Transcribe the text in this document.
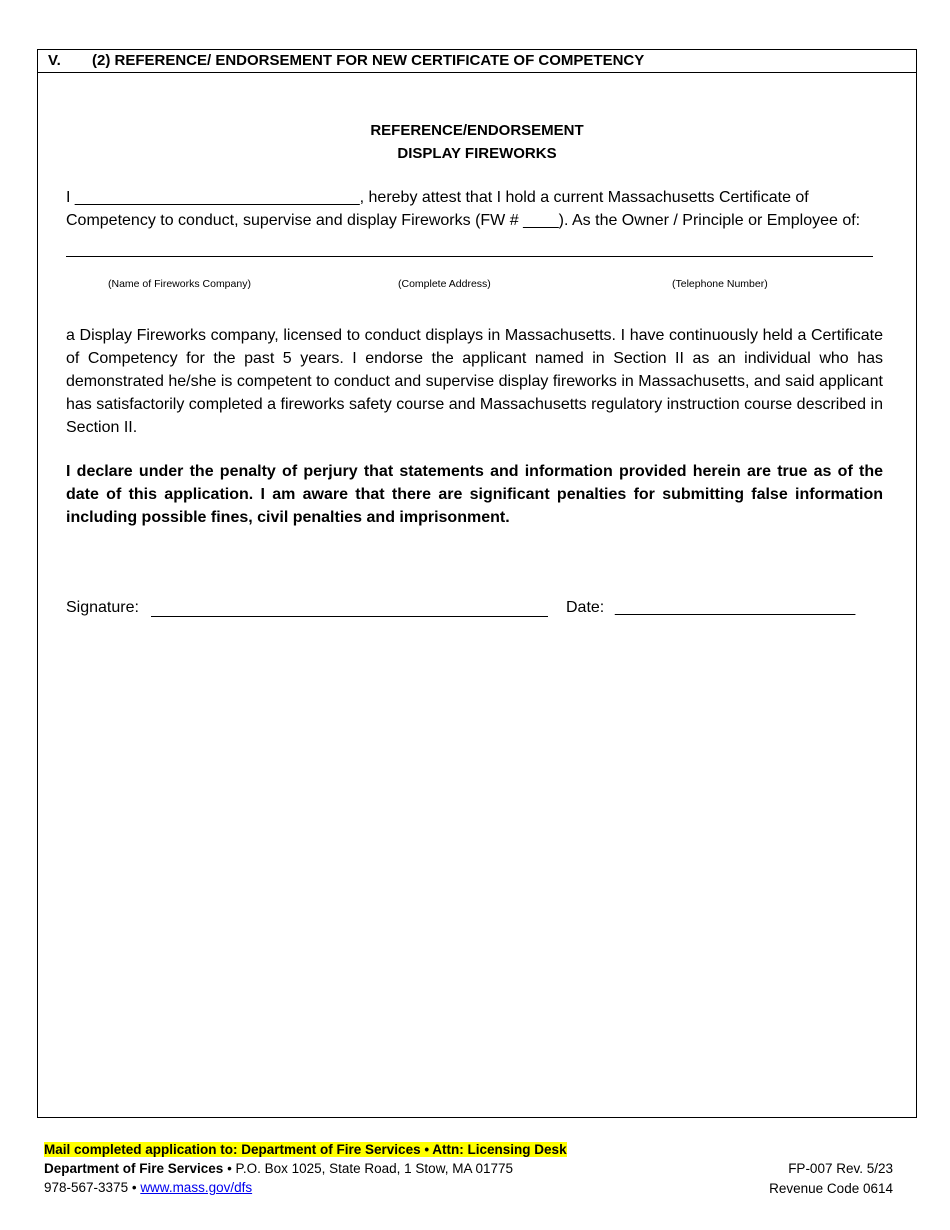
V. (2) REFERENCE/ ENDORSEMENT FOR NEW CERTIFICATE OF COMPETENCY
REFERENCE/ENDORSEMENT
DISPLAY FIREWORKS
I ________________________________, hereby attest that I hold a current Massachusetts Certificate of Competency to conduct, supervise and display Fireworks (FW # ____). As the Owner / Principle or Employee of:
(Name of Fireworks Company)	(Complete Address)	(Telephone Number)
a Display Fireworks company, licensed to conduct displays in Massachusetts. I have continuously held a Certificate of Competency for the past 5 years. I endorse the applicant named in Section II as an individual who has demonstrated he/she is competent to conduct and supervise display fireworks in Massachusetts, and said applicant has satisfactorily completed a fireworks safety course and Massachusetts regulatory instruction course described in Section II.
I declare under the penalty of perjury that statements and information provided herein are true as of the date of this application. I am aware that there are significant penalties for submitting false information including possible fines, civil penalties and imprisonment.
Signature:	Date: ___________________________
Mail completed application to: Department of Fire Services • Attn: Licensing Desk
Department of Fire Services • P.O. Box 1025, State Road, 1 Stow, MA 01775
978-567-3375 • www.mass.gov/dfs
FP-007 Rev. 5/23
Revenue Code 0614
